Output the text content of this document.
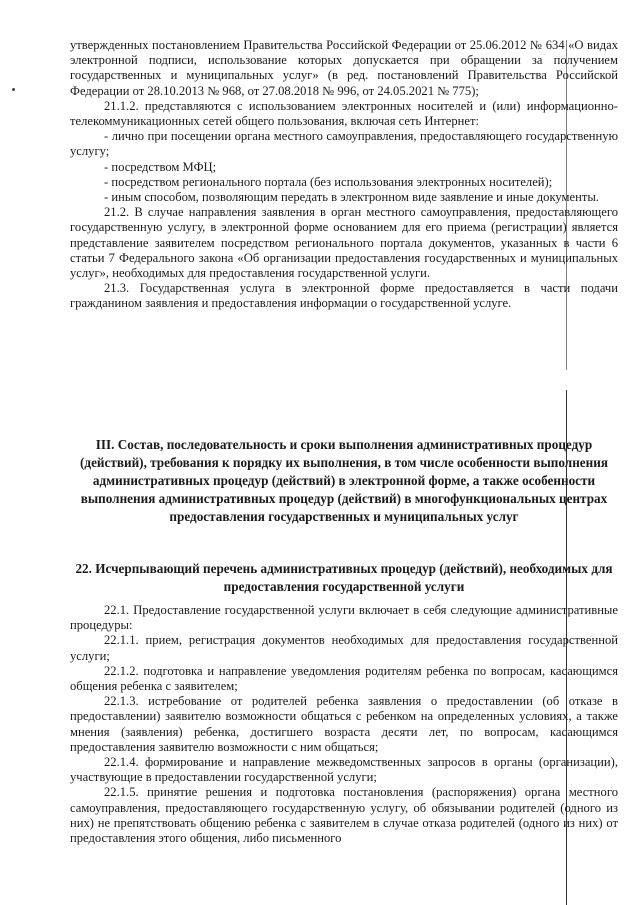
утвержденных постановлением Правительства Российской Федерации от 25.06.2012 № 634 «О видах электронной подписи, использование которых допускается при обращении за получением государственных и муниципальных услуг» (в ред. постановлений Правительства Российской Федерации от 28.10.2013 № 968, от 27.08.2018 № 996, от 24.05.2021 № 775);

21.1.2. представляются с использованием электронных носителей и (или) информационно-телекоммуникационных сетей общего пользования, включая сеть Интернет:

- лично при посещении органа местного самоуправления, предоставляющего государственную услугу;

- посредством МФЦ;

- посредством регионального портала (без использования электронных носителей);

- иным способом, позволяющим передать в электронном виде заявление и иные документы.

21.2. В случае направления заявления в орган местного самоуправления, предоставляющего государственную услугу, в электронной форме основанием для его приема (регистрации) является представление заявителем посредством регионального портала документов, указанных в части 6 статьи 7 Федерального закона «Об организации предоставления государственных и муниципальных услуг», необходимых для предоставления государственной услуги.

21.3. Государственная услуга в электронной форме предоставляется в части подачи гражданином заявления и предоставления информации о государственной услуге.

III. Состав, последовательность и сроки выполнения административных процедур (действий), требования к порядку их выполнения, в том числе особенности выполнения административных процедур (действий) в электронной форме, а также особенности выполнения административных процедур (действий) в многофункциональных центрах предоставления государственных и муниципальных услуг
22. Исчерпывающий перечень административных процедур (действий), необходимых для предоставления государственной услуги

22.1. Предоставление государственной услуги включает в себя следующие административные процедуры:

22.1.1. прием, регистрация документов необходимых для предоставления государственной услуги;

22.1.2. подготовка и направление уведомления родителям ребенка по вопросам, касающимся общения ребенка с заявителем;

22.1.3. истребование от родителей ребенка заявления о предоставлении (об отказе в предоставлении) заявителю возможности общаться с ребенком на определенных условиях, а также мнения (заявления) ребенка, достигшего возраста десяти лет, по вопросам, касающимся предоставления заявителю возможности с ним общаться;

22.1.4. формирование и направление межведомственных запросов в органы (организации), участвующие в предоставлении государственной услуги;

22.1.5. принятие решения и подготовка постановления (распоряжения) органа местного самоуправления, предоставляющего государственную услугу, об обязывании родителей (одного из них) не препятствовать общению ребенка с заявителем в случае отказа родителей (одного из них) от предоставления этого общения, либо письменного
